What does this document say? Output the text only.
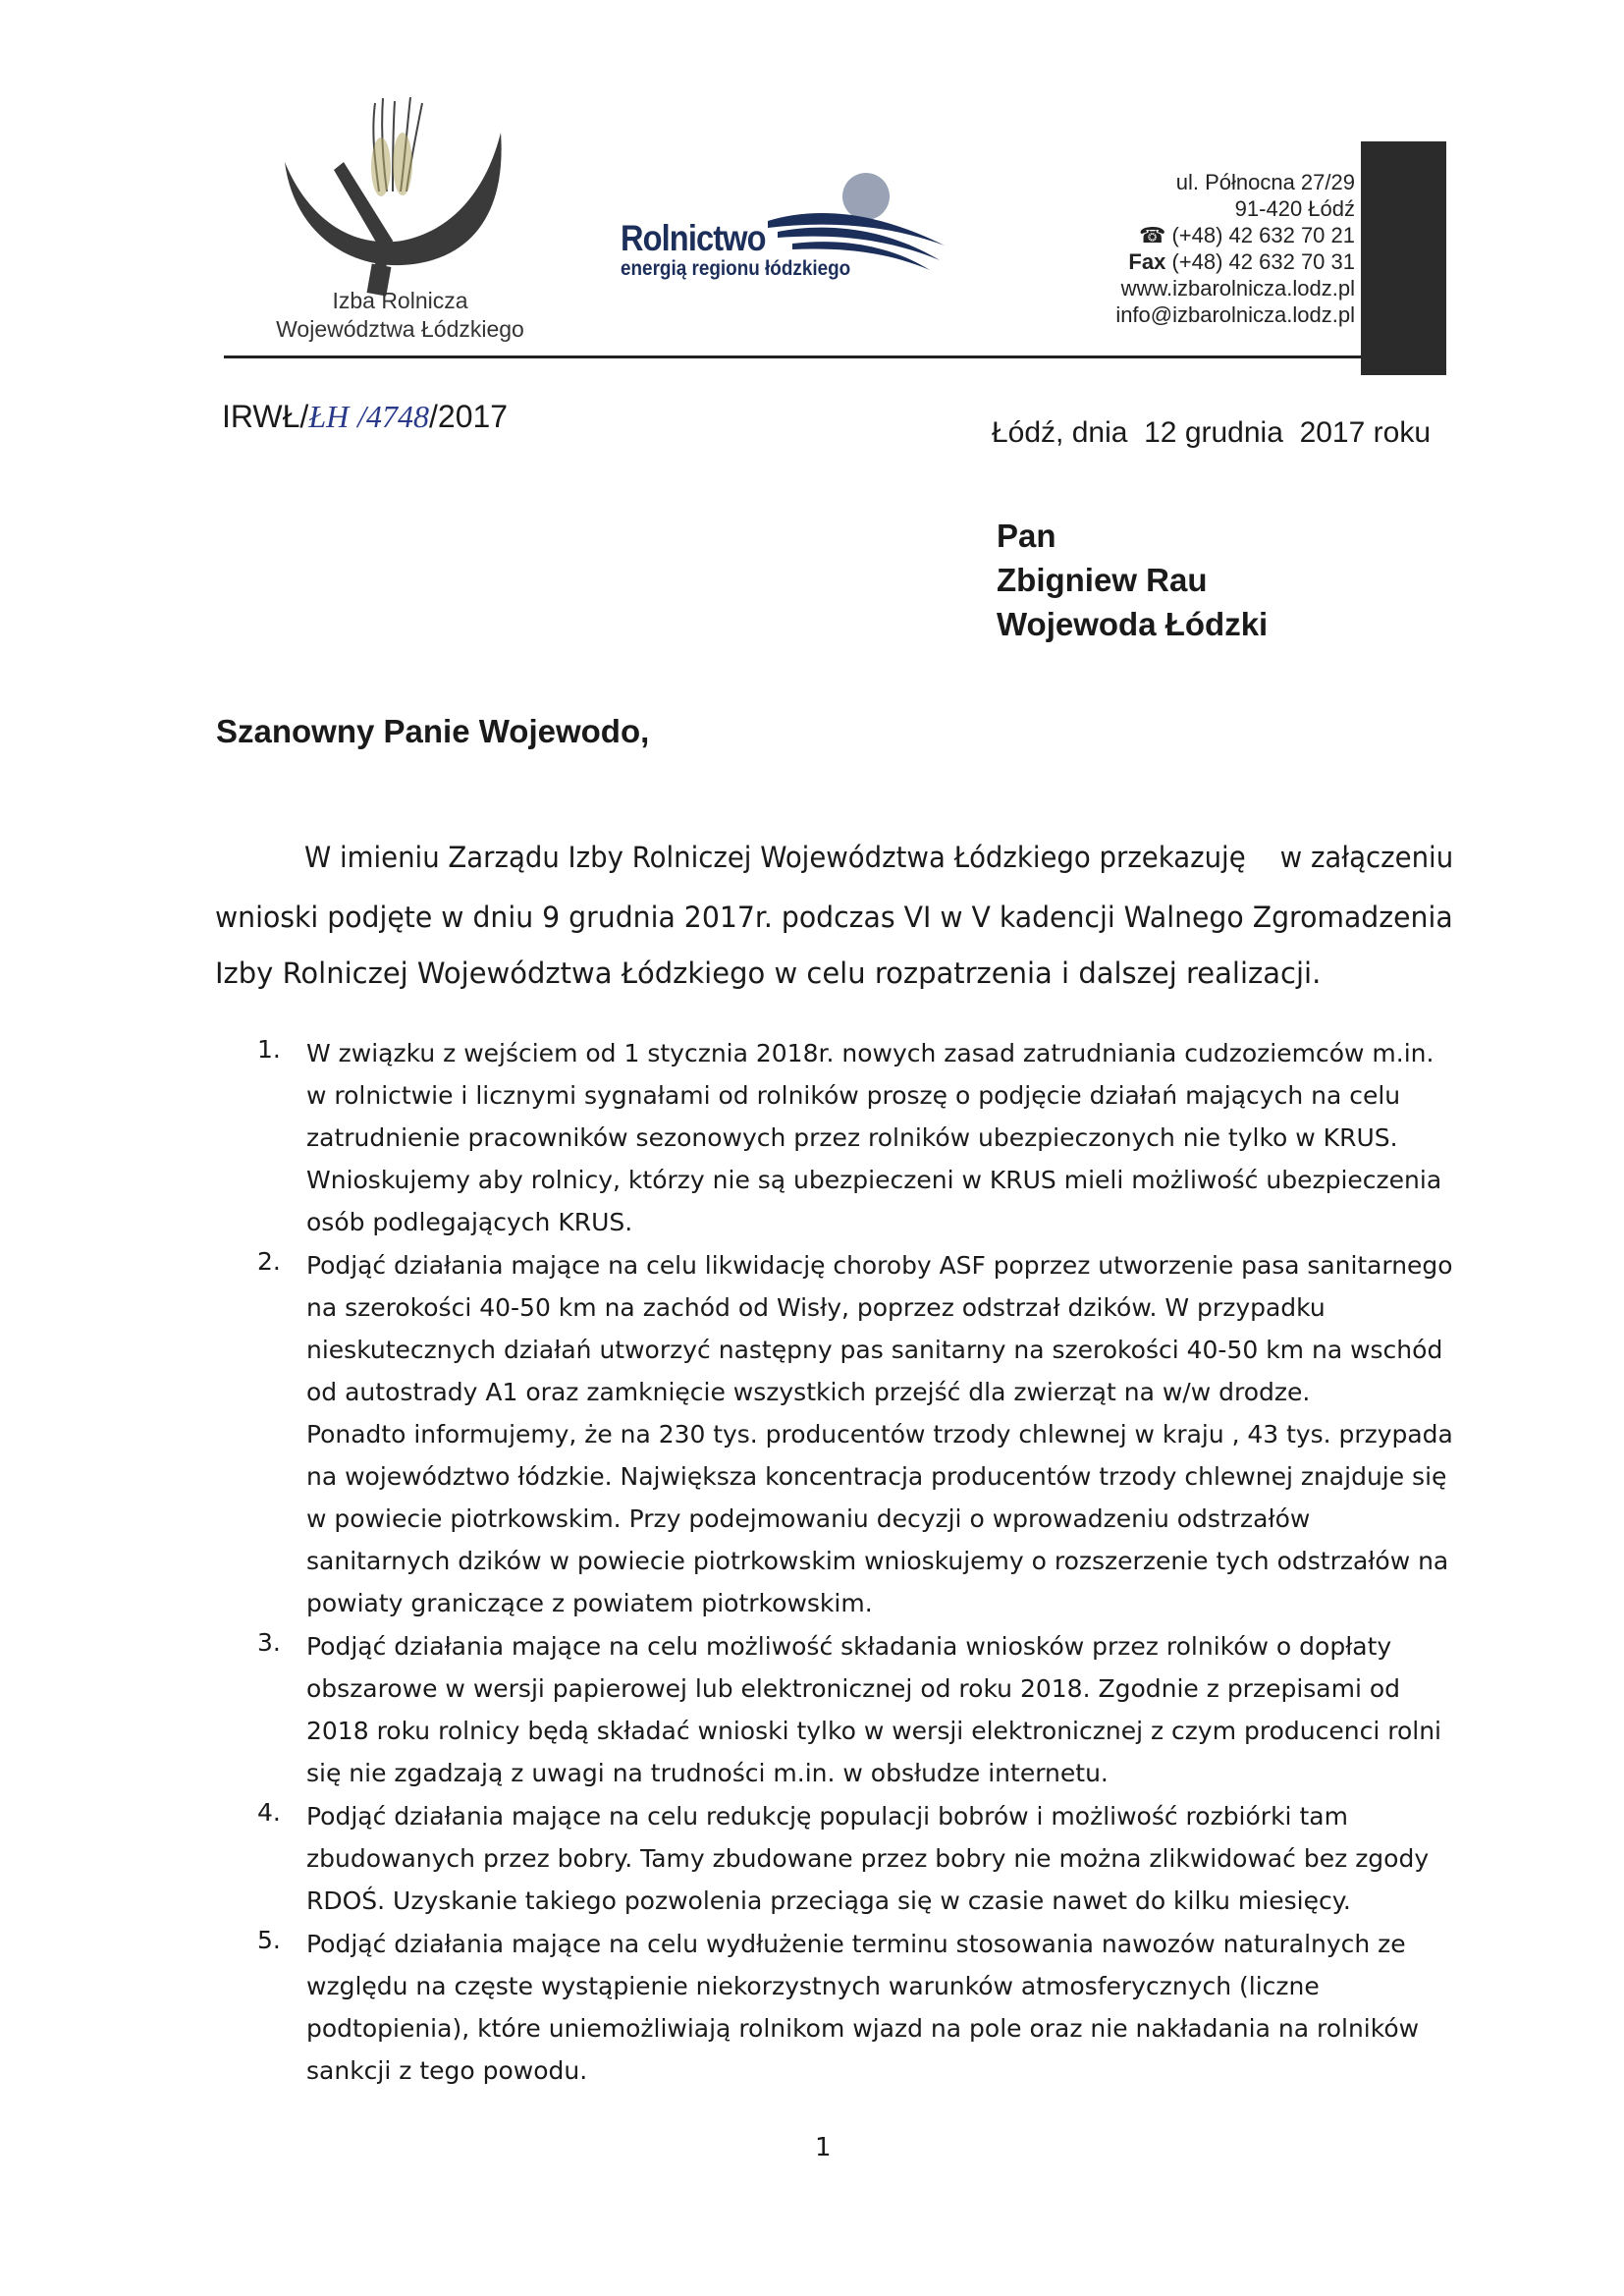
Izba Rolnicza
Województwa Łódzkiego
Rolnictwo
energią regionu łódzkiego
ul. Północna 27/29
91-420 Łódź
☎ (+48) 42 632 70 21
Fax (+48) 42 632 70 31
www.izbarolnicza.lodz.pl
info@izbarolnicza.lodz.pl
IRWŁ/ŁH /4748/2017	Łódź, dnia  12 grudnia  2017 roku
Pan
Zbigniew Rau
Wojewoda Łódzki
Szanowny Panie Wojewodo,
W imieniu Zarządu Izby Rolniczej Województwa Łódzkiego przekazuję    w załączeniu
wnioski podjęte w dniu 9 grudnia 2017r. podczas VI w V kadencji Walnego Zgromadzenia
Izby Rolniczej Województwa Łódzkiego w celu rozpatrzenia i dalszej realizacji.
1. W związku z wejściem od 1 stycznia 2018r. nowych zasad zatrudniania cudzoziemców m.in.
w rolnictwie i licznymi sygnałami od rolników proszę o podjęcie działań mających na celu
zatrudnienie pracowników sezonowych przez rolników ubezpieczonych nie tylko w KRUS.
Wnioskujemy aby rolnicy, którzy nie są ubezpieczeni w KRUS mieli możliwość ubezpieczenia
osób podlegających KRUS.
2. Podjąć działania mające na celu likwidację choroby ASF poprzez utworzenie pasa sanitarnego
na szerokości 40-50 km na zachód od Wisły, poprzez odstrzał dzików. W przypadku
nieskutecznych działań utworzyć następny pas sanitarny na szerokości 40-50 km na wschód
od autostrady A1 oraz zamknięcie wszystkich przejść dla zwierząt na w/w drodze.
Ponadto informujemy, że na 230 tys. producentów trzody chlewnej w kraju , 43 tys. przypada
na województwo łódzkie. Największa koncentracja producentów trzody chlewnej znajduje się
w powiecie piotrkowskim. Przy podejmowaniu decyzji o wprowadzeniu odstrzałów
sanitarnych dzików w powiecie piotrkowskim wnioskujemy o rozszerzenie tych odstrzałów na
powiaty graniczące z powiatem piotrkowskim.
3. Podjąć działania mające na celu możliwość składania wniosków przez rolników o dopłaty
obszarowe w wersji papierowej lub elektronicznej od roku 2018. Zgodnie z przepisami od
2018 roku rolnicy będą składać wnioski tylko w wersji elektronicznej z czym producenci rolni
się nie zgadzają z uwagi na trudności m.in. w obsłudze internetu.
4. Podjąć działania mające na celu redukcję populacji bobrów i możliwość rozbiórki tam
zbudowanych przez bobry. Tamy zbudowane przez bobry nie można zlikwidować bez zgody
RDOŚ. Uzyskanie takiego pozwolenia przeciąga się w czasie nawet do kilku miesięcy.
5. Podjąć działania mające na celu wydłużenie terminu stosowania nawozów naturalnych ze
względu na częste wystąpienie niekorzystnych warunków atmosferycznych (liczne
podtopienia), które uniemożliwiają rolnikom wjazd na pole oraz nie nakładania na rolników
sankcji z tego powodu.
1
